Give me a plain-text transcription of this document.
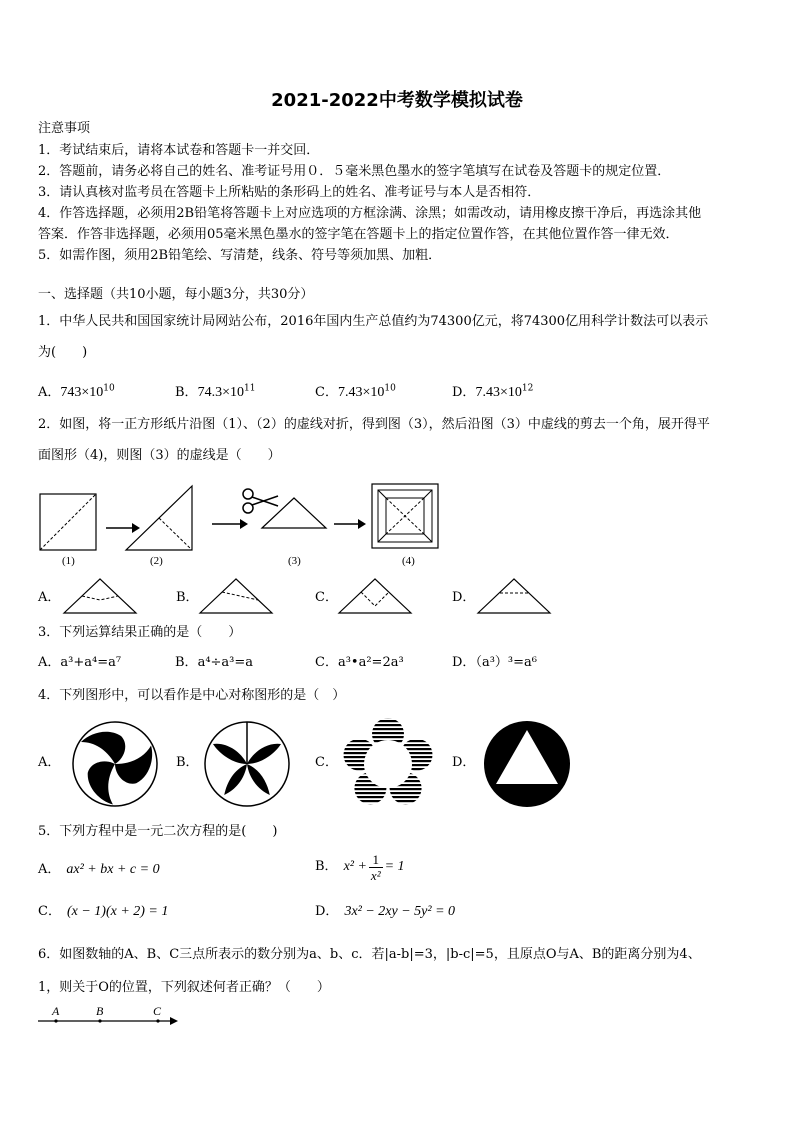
2021-2022中考数学模拟试卷
注意事项
1．考试结束后，请将本试卷和答题卡一并交回．
2．答题前，请务必将自己的姓名、准考证号用０．５毫米黑色墨水的签字笔填写在试卷及答题卡的规定位置．
3．请认真核对监考员在答题卡上所粘贴的条形码上的姓名、准考证号与本人是否相符．
4．作答选择题，必须用2B铅笔将答题卡上对应选项的方框涂满、涂黑；如需改动，请用橡皮擦干净后，再选涂其他
答案．作答非选择题，必须用05毫米黑色墨水的签字笔在答题卡上的指定位置作答，在其他位置作答一律无效．
5．如需作图，须用2B铅笔绘、写清楚，线条、符号等须加黑、加粗．
一、选择题（共10小题，每小题3分，共30分）
1．中华人民共和国国家统计局网站公布，2016年国内生产总值约为74300亿元，将74300亿用科学计数法可以表示
为(　　)
A．$743\times 10^{10}$	B．$74.3\times 10^{11}$	C．$7.43\times 10^{10}$	D．$7.43\times 10^{12}$
2．如图，将一正方形纸片沿图（1）、（2）的虚线对折，得到图（3），然后沿图（3）中虚线的剪去一个角，展开得平
面图形（4)，则图（3）的虚线是（　　）
(1)	(2)	(3)	(4)
A．	B．	C．	D．
3．下列运算结果正确的是（　　）
A．a³+a⁴=a⁷	B．a⁴÷a³=a	C．a³•a²=2a³	D．（a³）³=a⁶
4．下列图形中，可以看作是中心对称图形的是（　）
A．	B．	C．	D．
5．下列方程中是一元二次方程的是(　　)
A． ax² + bx + c = 0	B． $x^2 + \frac{1}{\text{x²}} = 1$
C． (x − 1)(x + 2) = 1	D． 3x² − 2xy − 5y² = 0
6．如图数轴的A、B、C三点所表示的数分别为a、b、c．若|a-b|=3，|b-c|=5，且原点O与A、B的距离分别为4、
1，则关于O的位置，下列叙述何者正确？（　　）
A	B	C
